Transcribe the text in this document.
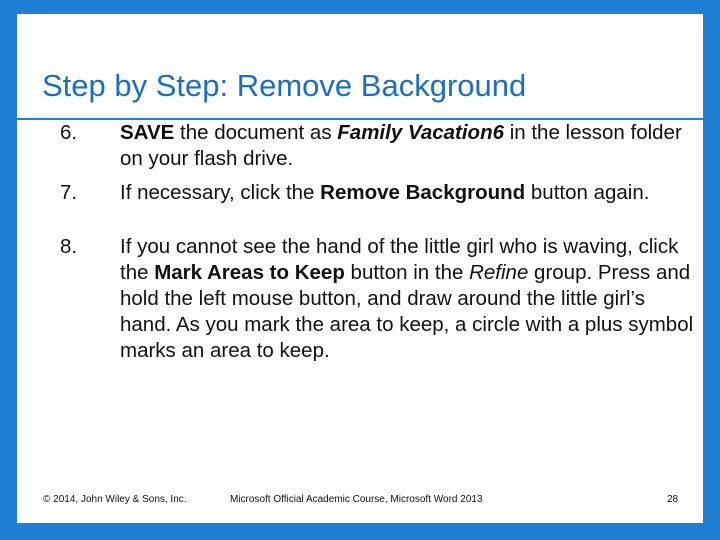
Step by Step: Remove Background
6.	SAVE the document as Family Vacation6 in the lesson folder on your flash drive.
7.	If necessary, click the Remove Background button again.
8.	If you cannot see the hand of the little girl who is waving, click the Mark Areas to Keep button in the Refine group. Press and hold the left mouse button, and draw around the little girl’s hand. As you mark the area to keep, a circle with a plus symbol marks an area to keep.
© 2014, John Wiley & Sons, Inc.	Microsoft Official Academic Course, Microsoft Word 2013	28
